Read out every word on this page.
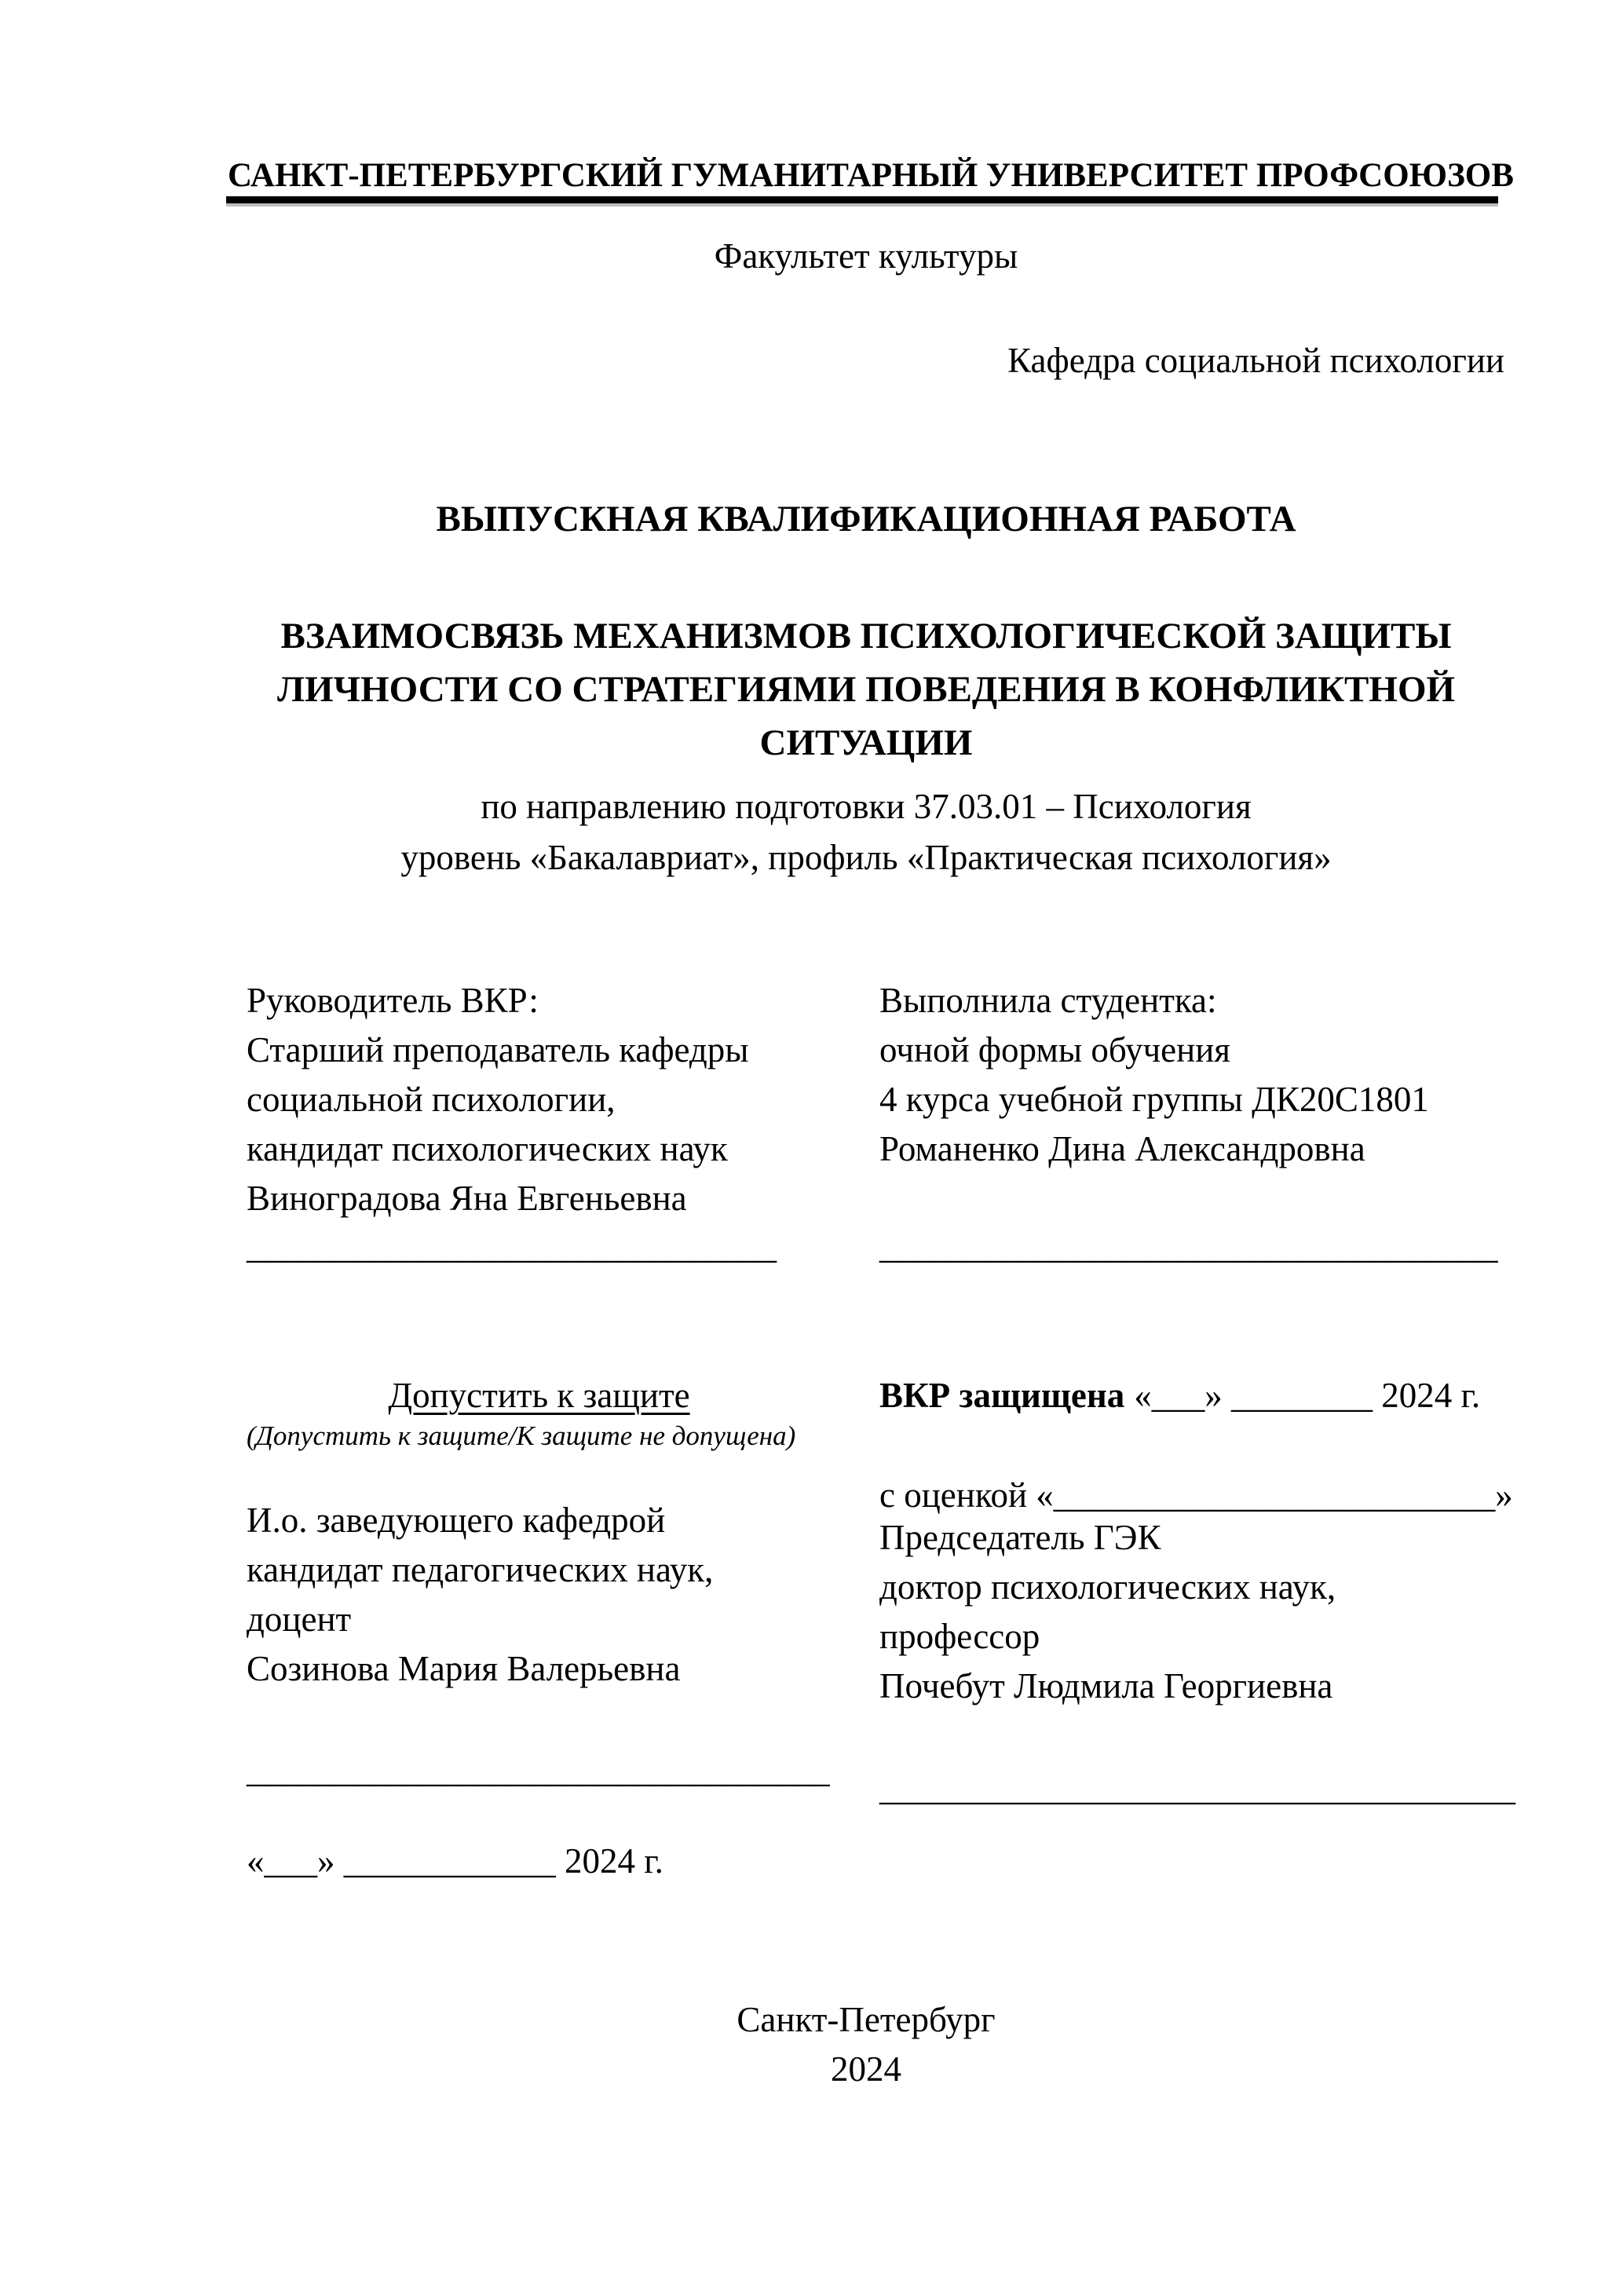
САНКТ-ПЕТЕРБУРГСКИЙ ГУМАНИТАРНЫЙ УНИВЕРСИТЕТ ПРОФСОЮЗОВ
Факультет культуры
Кафедра социальной психологии
ВЫПУСКНАЯ КВАЛИФИКАЦИОННАЯ РАБОТА
ВЗАИМОСВЯЗЬ МЕХАНИЗМОВ ПСИХОЛОГИЧЕСКОЙ ЗАЩИТЫ
ЛИЧНОСТИ СО СТРАТЕГИЯМИ ПОВЕДЕНИЯ В КОНФЛИКТНОЙ
СИТУАЦИИ
по направлению подготовки 37.03.01 – Психология
уровень «Бакалавриат», профиль «Практическая психология»
Руководитель ВКР:
Старший преподаватель кафедры
социальной психологии,
кандидат психологических наук
Виноградова Яна Евгеньевна
Выполнила студентка:
очной формы обучения
4 курса учебной группы ДК20С1801
Романенко Дина Александровна
______________________________	___________________________________
Допустить к защите
(Допустить к защите/К защите не допущена)
ВКР защищена «___» ________ 2024 г.
с оценкой «_________________________»
И.о. заведующего кафедрой
кандидат педагогических наук,
доцент
Созинова Мария Валерьевна
Председатель ГЭК
доктор психологических наук,
профессор
Почебут Людмила Георгиевна
_________________________________ ____________________________________
«___» ____________ 2024 г.
Санкт-Петербург
2024
